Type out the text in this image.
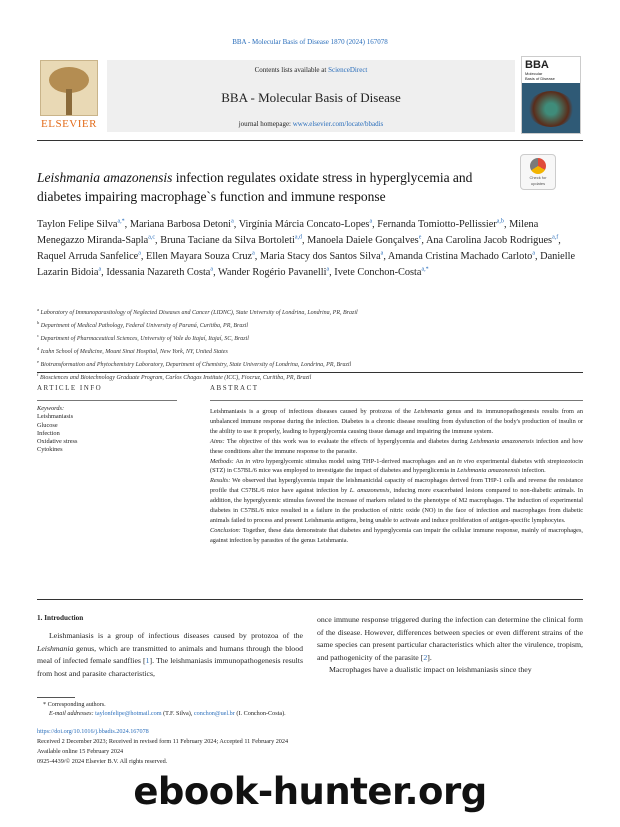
BBA - Molecular Basis of Disease 1870 (2024) 167078
ELSEVIER
Contents lists available at ScienceDirect
BBA - Molecular Basis of Disease
journal homepage: www.elsevier.com/locate/bbadis
BBA
Molecular
Basis of Disease
Leishmania amazonensis infection regulates oxidate stress in hyperglycemia and diabetes impairing macrophage`s function and immune response
Check for
updates
Taylon Felipe Silva$^{a,*}$, Mariana Barbosa Detoni$^a$, Virgínia Márcia Concato-Lopes$^a$, Fernanda Tomiotto-Pellissier$^{a,b}$, Milena Menegazzo Miranda-Sapla$^{a,c}$, Bruna Taciane da Silva Bortoleti$^{a,d}$, Manoela Daiele Gonçalves$^e$, Ana Carolina Jacob Rodrigues$^{a,f}$, Raquel Arruda Sanfelice$^a$, Ellen Mayara Souza Cruz$^a$, Maria Stacy dos Santos Silva$^a$, Amanda Cristina Machado Carloto$^a$, Danielle Lazarin Bidoia$^a$, Idessania Nazareth Costa$^a$, Wander Rogério Pavanelli$^a$, Ivete Conchon-Costa$^{a,*}$
$^a$ Laboratory of Immunoparasitology of Neglected Diseases and Cancer (LIDNC), State University of Londrina, Londrina, PR, Brazil
$^b$ Department of Medical Pathology, Federal University of Paraná, Curitiba, PR, Brazil
$^c$ Department of Pharmaceutical Sciences, University of Vale do Itajaí, Itajaí, SC, Brazil
$^d$ Icahn School of Medicine, Mount Sinai Hospital, New York, NY, United States
$^e$ Biotransformation and Phytochemistry Laboratory, Department of Chemistry, State University of Londrina, Londrina, PR, Brazil
$^f$ Biosciences and Biotechnology Graduate Program, Carlos Chagas Institute (ICC), Fiocruz, Curitiba, PR, Brazil
ARTICLE INFO	ABSTRACT
Keywords:
Leishmaniasis
Glucose
Infection
Oxidative stress
Cytokines

Leishmaniasis is a group of infectious diseases caused by protozoa of the Leishmania genus and its immunopathogenesis results from an unbalanced immune response during the infection. Diabetes is a chronic disease resulting from dysfunction of the body's production of insulin or the ability to use it properly, leading to hyperglycemia causing tissue damage and impairing the immune system.

Aims: The objective of this work was to evaluate the effects of hyperglycemia and diabetes during Leishmania amazonensis infection and how these conditions alter the immune response to the parasite.

Methods: An in vitro hyperglycemic stimulus model using THP-1-derived macrophages and an in vivo experimental diabetes with streptozotocin (STZ) in C57BL/6 mice was employed to investigate the impact of diabetes and hyperglicemia in Leishmania amazonensis infection.

Results: We observed that hyperglycemia impair the leishmanicidal capacity of macrophages derived from THP-1 cells and reverse the resistance profile that C57BL/6 mice have against infection by L. amazonensis, inducing more exacerbated lesions compared to non-diabetic animals. In addition, the hyperglycemic stimulus favored the increase of markers related to the phenotype of M2 macrophages. The induction of experimental diabetes in C57BL/6 mice resulted in a failure in the production of nitric oxide (NO) in the face of infection and macrophages from diabetic animals failed to process and present Leishmania antigens, being unable to activate and induce proliferation of antigen-specific lymphocytes.

Conclusion: Together, these data demonstrate that diabetes and hyperglycemia can impair the cellular immune response, mainly of macrophages, against infection by parasites of the genus Leishmania.

1. Introduction

Leishmaniasis is a group of infectious diseases caused by protozoa of the Leishmania genus, which are transmitted to animals and humans through the blood meal of infected female sandflies [1]. The leishmaniasis immunopathogenesis results from host and parasite characteristics,

once immune response triggered during the infection can determine the clinical form of the disease. However, differences between species or even different strains of the same species can present particular characteristics which alter the virulence, tropism, and pathogenicity of the parasite [2].

Macrophages have a dualistic impact on leishmaniasis since they

* Corresponding authors.
E-mail addresses: taylonfelipe@hotmail.com (T.F. Silva), conchon@uel.br (I. Conchon-Costa).
https://doi.org/10.1016/j.bbadis.2024.167078
Received 2 December 2023; Received in revised form 11 February 2024; Accepted 11 February 2024
Available online 15 February 2024
0925-4439/© 2024 Elsevier B.V. All rights reserved.
ebook-hunter.org
